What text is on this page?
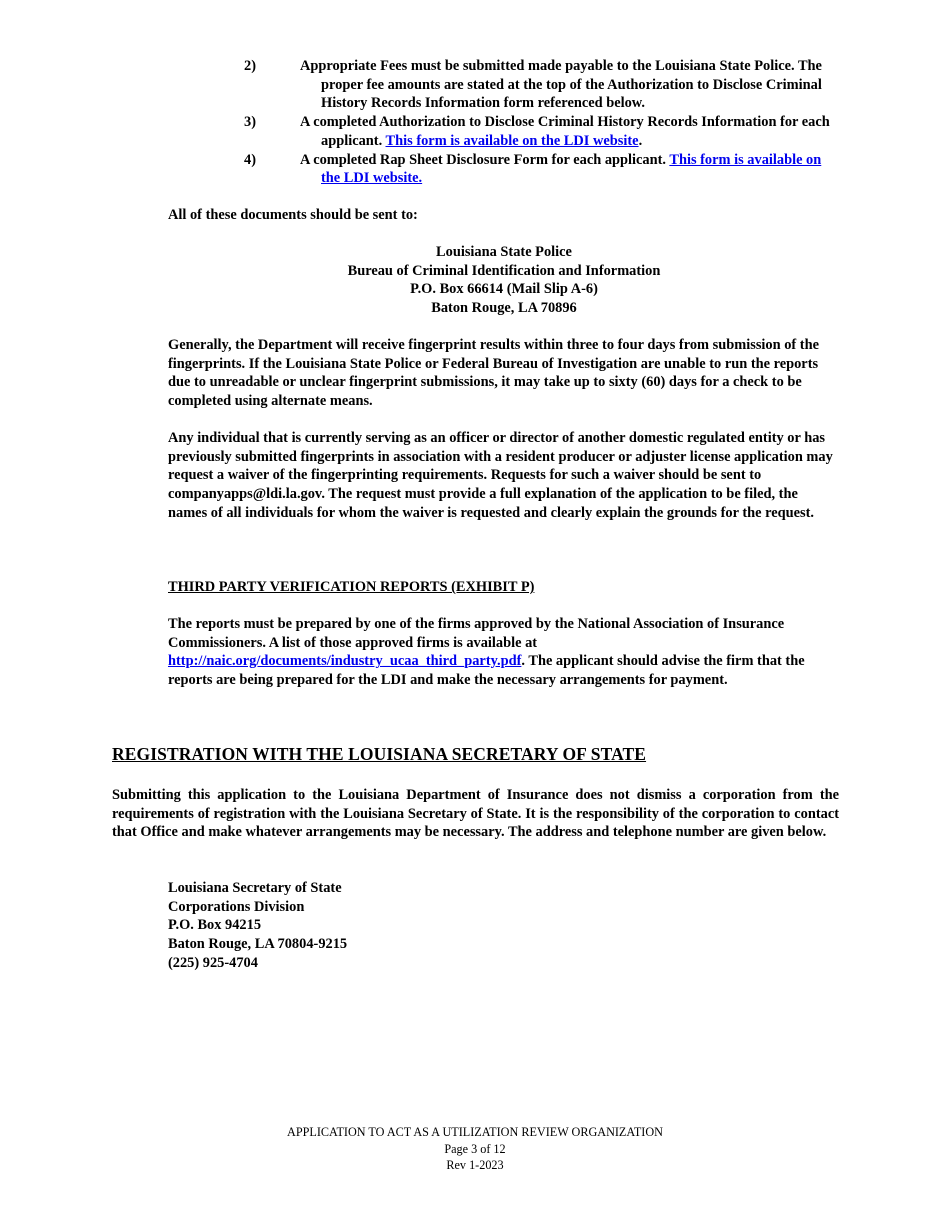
2)	Appropriate Fees must be submitted made payable to the Louisiana State Police. The proper fee amounts are stated at the top of the Authorization to Disclose Criminal History Records Information form referenced below.
3)	A completed Authorization to Disclose Criminal History Records Information for each applicant. This form is available on the LDI website.
4)	A completed Rap Sheet Disclosure Form for each applicant. This form is available on the LDI website.
All of these documents should be sent to:
Louisiana State Police
Bureau of Criminal Identification and Information
P.O. Box 66614 (Mail Slip A-6)
Baton Rouge, LA 70896
Generally, the Department will receive fingerprint results within three to four days from submission of the fingerprints. If the Louisiana State Police or Federal Bureau of Investigation are unable to run the reports due to unreadable or unclear fingerprint submissions, it may take up to sixty (60) days for a check to be completed using alternate means.
Any individual that is currently serving as an officer or director of another domestic regulated entity or has previously submitted fingerprints in association with a resident producer or adjuster license application may request a waiver of the fingerprinting requirements. Requests for such a waiver should be sent to companyapps@ldi.la.gov. The request must provide a full explanation of the application to be filed, the names of all individuals for whom the waiver is requested and clearly explain the grounds for the request.
THIRD PARTY VERIFICATION REPORTS (EXHIBIT P)
The reports must be prepared by one of the firms approved by the National Association of Insurance Commissioners. A list of those approved firms is available at http://naic.org/documents/industry_ucaa_third_party.pdf. The applicant should advise the firm that the reports are being prepared for the LDI and make the necessary arrangements for payment.
REGISTRATION WITH THE LOUISIANA SECRETARY OF STATE
Submitting this application to the Louisiana Department of Insurance does not dismiss a corporation from the requirements of registration with the Louisiana Secretary of State. It is the responsibility of the corporation to contact that Office and make whatever arrangements may be necessary. The address and telephone number are given below.
Louisiana Secretary of State
Corporations Division
P.O. Box 94215
Baton Rouge, LA 70804-9215
(225) 925-4704
APPLICATION TO ACT AS A UTILIZATION REVIEW ORGANIZATION
Page 3 of 12
Rev 1-2023
